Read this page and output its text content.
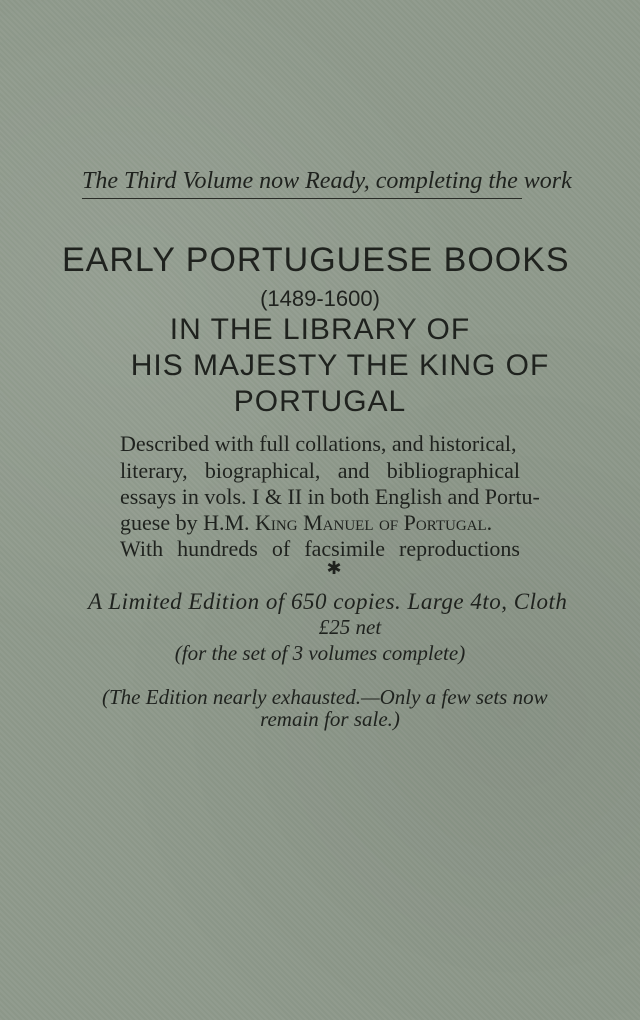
The Third Volume now Ready, completing the work
EARLY PORTUGUESE BOOKS
(1489-1600)
IN THE LIBRARY OF
HIS MAJESTY THE KING OF
PORTUGAL
Described with full collations, and historical,
literary, biographical, and bibliographical
essays in vols. I & II in both English and Portu-
guese by H.M. King Manuel of Portugal.
With hundreds of facsimile reproductions
✱
A Limited Edition of 650 copies. Large 4to, Cloth
£25 net
(for the set of 3 volumes complete)
(The Edition nearly exhausted.—Only a few sets now
remain for sale.)
